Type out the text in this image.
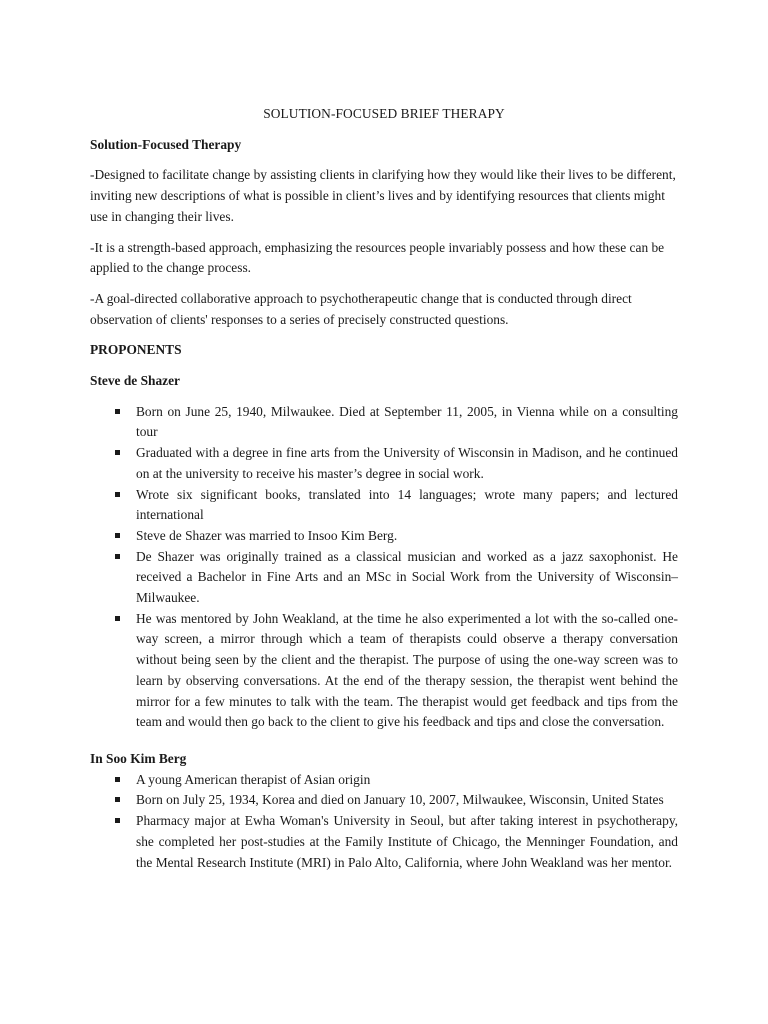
SOLUTION-FOCUSED BRIEF THERAPY
Solution-Focused Therapy

-Designed to facilitate change by assisting clients in clarifying how they would like their lives to be different, inviting new descriptions of what is possible in client’s lives and by identifying resources that clients might use in changing their lives.

-It is a strength-based approach, emphasizing the resources people invariably possess and how these can be applied to the change process.

-A goal-directed collaborative approach to psychotherapeutic change that is conducted through direct observation of clients' responses to a series of precisely constructed questions.

PROPONENTS
Steve de Shazer
Born on June 25, 1940, Milwaukee. Died at September 11, 2005, in Vienna while on a consulting tour
Graduated with a degree in fine arts from the University of Wisconsin in Madison, and he continued on at the university to receive his master’s degree in social work.
Wrote six significant books, translated into 14 languages; wrote many papers; and lectured international
Steve de Shazer was married to Insoo Kim Berg.
De Shazer was originally trained as a classical musician and worked as a jazz saxophonist. He received a Bachelor in Fine Arts and an MSc in Social Work from the University of Wisconsin–Milwaukee.
He was mentored by John Weakland, at the time he also experimented a lot with the so-called one-way screen, a mirror through which a team of therapists could observe a therapy conversation without being seen by the client and the therapist. The purpose of using the one-way screen was to learn by observing conversations. At the end of the therapy session, the therapist went behind the mirror for a few minutes to talk with the team. The therapist would get feedback and tips from the team and would then go back to the client to give his feedback and tips and close the conversation.
In Soo Kim Berg
A young American therapist of Asian origin
Born on July 25, 1934, Korea and died on January 10, 2007, Milwaukee, Wisconsin, United States
Pharmacy major at Ewha Woman's University in Seoul, but after taking interest in psychotherapy, she completed her post-studies at the Family Institute of Chicago, the Menninger Foundation, and the Mental Research Institute (MRI) in Palo Alto, California, where John Weakland was her mentor.
